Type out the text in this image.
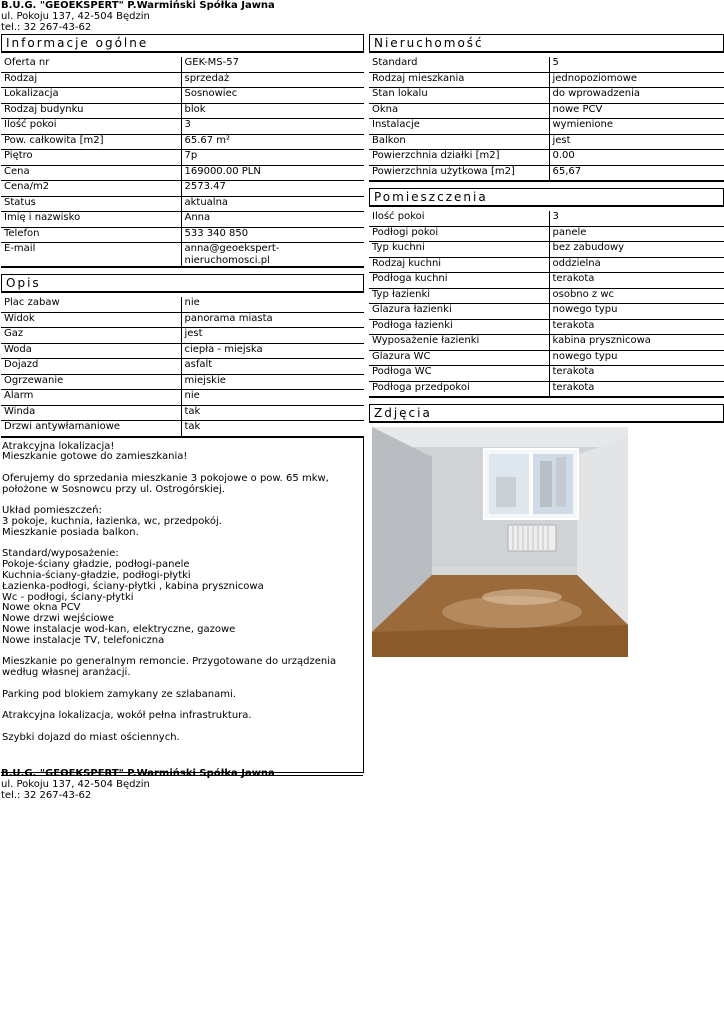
B.U.G. "GEOEKSPERT" P.Warmiński Spółka Jawna
ul. Pokoju 137, 42-504 Będzin
tel.: 32 267-43-62
Informacje ogólne
Oferta nr	GEK-MS-57
Rodzaj	sprzedaż
Lokalizacja	Sosnowiec
Rodzaj budynku	blok
Ilość pokoi	3
Pow. całkowita [m2]	65.67 m²
Piętro	7p
Cena	169000.00 PLN
Cena/m2	2573.47
Status	aktualna
Imię i nazwisko	Anna
Telefon	533 340 850
E-mail	anna@geoekspert-
nieruchomosci.pl
Opis
Plac zabaw	nie
Widok	panorama miasta
Gaz	jest
Woda	ciepła - miejska
Dojazd	asfalt
Ogrzewanie	miejskie
Alarm	nie
Winda	tak
Drzwi antywłamaniowe	tak
Atrakcyjna lokalizacja!
Mieszkanie gotowe do zamieszkania!

Oferujemy do sprzedania mieszkanie 3 pokojowe o pow. 65 mkw,
położone w Sosnowcu przy ul. Ostrogórskiej.

Układ pomieszczeń:
3 pokoje, kuchnia, łazienka, wc, przedpokój.
Mieszkanie posiada balkon.

Standard/wyposażenie:
Pokoje-ściany gładzie, podłogi-panele
Kuchnia-ściany-gładzie, podłogi-płytki
Łazienka-podłogi, ściany-płytki , kabina prysznicowa
Wc - podłogi, ściany-płytki
Nowe okna PCV
Nowe drzwi wejściowe
Nowe instalacje wod-kan, elektryczne, gazowe
Nowe instalacje TV, telefoniczna

Mieszkanie po generalnym remoncie. Przygotowane do urządzenia
według własnej aranżacji.

Parking pod blokiem zamykany ze szlabanami.

Atrakcyjna lokalizacja, wokół pełna infrastruktura.

Szybki dojazd do miast ościennych.
Nieruchomość
Standard	5
Rodzaj mieszkania	jednopoziomowe
Stan lokalu	do wprowadzenia
Okna	nowe PCV
Instalacje	wymienione
Balkon	jest
Powierzchnia działki [m2]	0.00
Powierzchnia użytkowa [m2]	65,67
Pomieszczenia
Ilość pokoi	3
Podłogi pokoi	panele
Typ kuchni	bez zabudowy
Rodzaj kuchni	oddzielna
Podłoga kuchni	terakota
Typ łazienki	osobno z wc
Glazura łazienki	nowego typu
Podłoga łazienki	terakota
Wyposażenie łazienki	kabina prysznicowa
Glazura WC	nowego typu
Podłoga WC	terakota
Podłoga przedpokoi	terakota
Zdjęcia
B.U.G. "GEOEKSPERT" P.Warmiński Spółka Jawna
ul. Pokoju 137, 42-504 Będzin
tel.: 32 267-43-62
